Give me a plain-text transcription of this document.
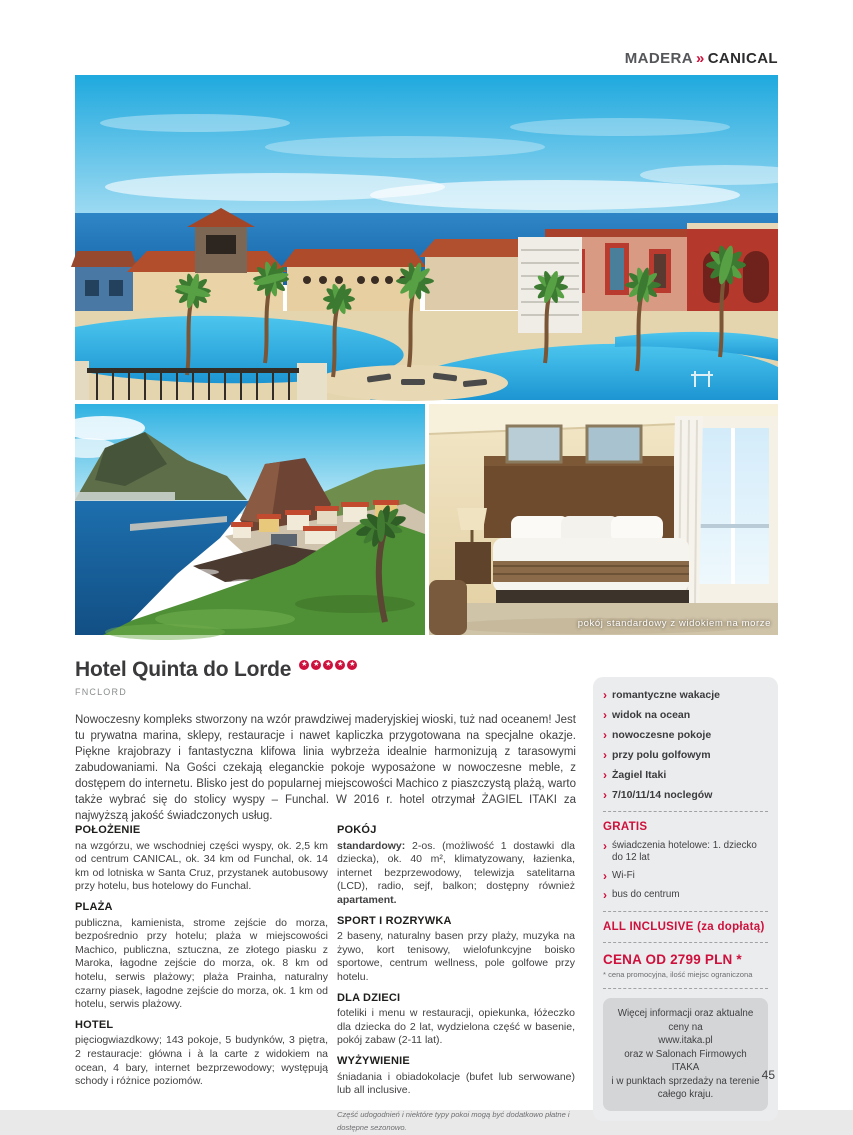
MADERA » CANICAL
pokój standardowy z widokiem na morze
Hotel Quinta do Lorde ★ ★ ★ ★ ★
FNCLORD
Nowoczesny kompleks stworzony na wzór prawdziwej maderyjskiej wioski, tuż nad oceanem! Jest tu prywatna marina, sklepy, restauracje i nawet kapliczka przygotowana na specjalne okazje. Piękne krajobrazy i fantastyczna klifowa linia wybrzeża idealnie harmonizują z tarasowymi zabudowaniami. Na Gości czekają eleganckie pokoje wyposażone w nowoczesne meble, z dostępem do internetu. Blisko jest do popularnej miejscowości Machico z piaszczystą plażą, warto także wybrać się do stolicy wyspy – Funchal. W 2016 r. hotel otrzymał ŻAGIEL ITAKI za najwyższą jakość świadczonych usług.
POŁOŻENIE
na wzgórzu, we wschodniej części wyspy, ok. 2,5 km od centrum CANICAL, ok. 34 km od Funchal, ok. 14 km od lotniska w Santa Cruz, przystanek autobusowy przy hotelu, bus hotelowy do Funchal.
PLAŻA
publiczna, kamienista, strome zejście do morza, bezpośrednio przy hotelu; plaża w miejscowości Machico, publiczna, sztuczna, ze złotego piasku z Maroka, łagodne zejście do morza, ok. 8 km od hotelu, serwis plażowy; plaża Prainha, naturalny czarny piasek, łagodne zejście do morza, ok. 1 km od hotelu, serwis plażowy.
HOTEL
pięciogwiazdkowy; 143 pokoje, 5 budynków, 3 piętra, 2 restauracje: główna i à la carte z widokiem na ocean, 4 bary, internet bezprzewodowy; występują schody i różnice poziomów.
POKÓJ
standardowy: 2-os. (możliwość 1 dostawki dla dziecka), ok. 40 m², klimatyzowany, łazienka, internet bezprzewodowy, telewizja satelitarna (LCD), radio, sejf, balkon; dostępny również apartament.
SPORT I ROZRYWKA
2 baseny, naturalny basen przy plaży, muzyka na żywo, kort tenisowy, wielofunkcyjne boisko sportowe, centrum wellness, pole golfowe przy hotelu.
DLA DZIECI
foteliki i menu w restauracji, opiekunka, łóżeczko dla dziecka do 2 lat, wydzielona część w basenie, pokój zabaw (2-11 lat).
WYŻYWIENIE
śniadania i obiadokolacje (bufet lub serwowane) lub all inclusive.
Część udogodnień i niektóre typy pokoi mogą być dodatkowo płatne i dostępne sezonowo.
› romantyczne wakacje
› widok na ocean
› nowoczesne pokoje
› przy polu golfowym
› Żagiel Itaki
› 7/10/11/14 noclegów
GRATIS
› świadczenia hotelowe: 1. dziecko do 12 lat
› Wi-Fi
› bus do centrum
ALL INCLUSIVE (za dopłatą)
CENA OD 2799 PLN *
* cena promocyjna, ilość miejsc ograniczona
Więcej informacji oraz aktualne ceny na
www.itaka.pl
oraz w Salonach Firmowych ITAKA
i w punktach sprzedaży na terenie
całego kraju.
45
